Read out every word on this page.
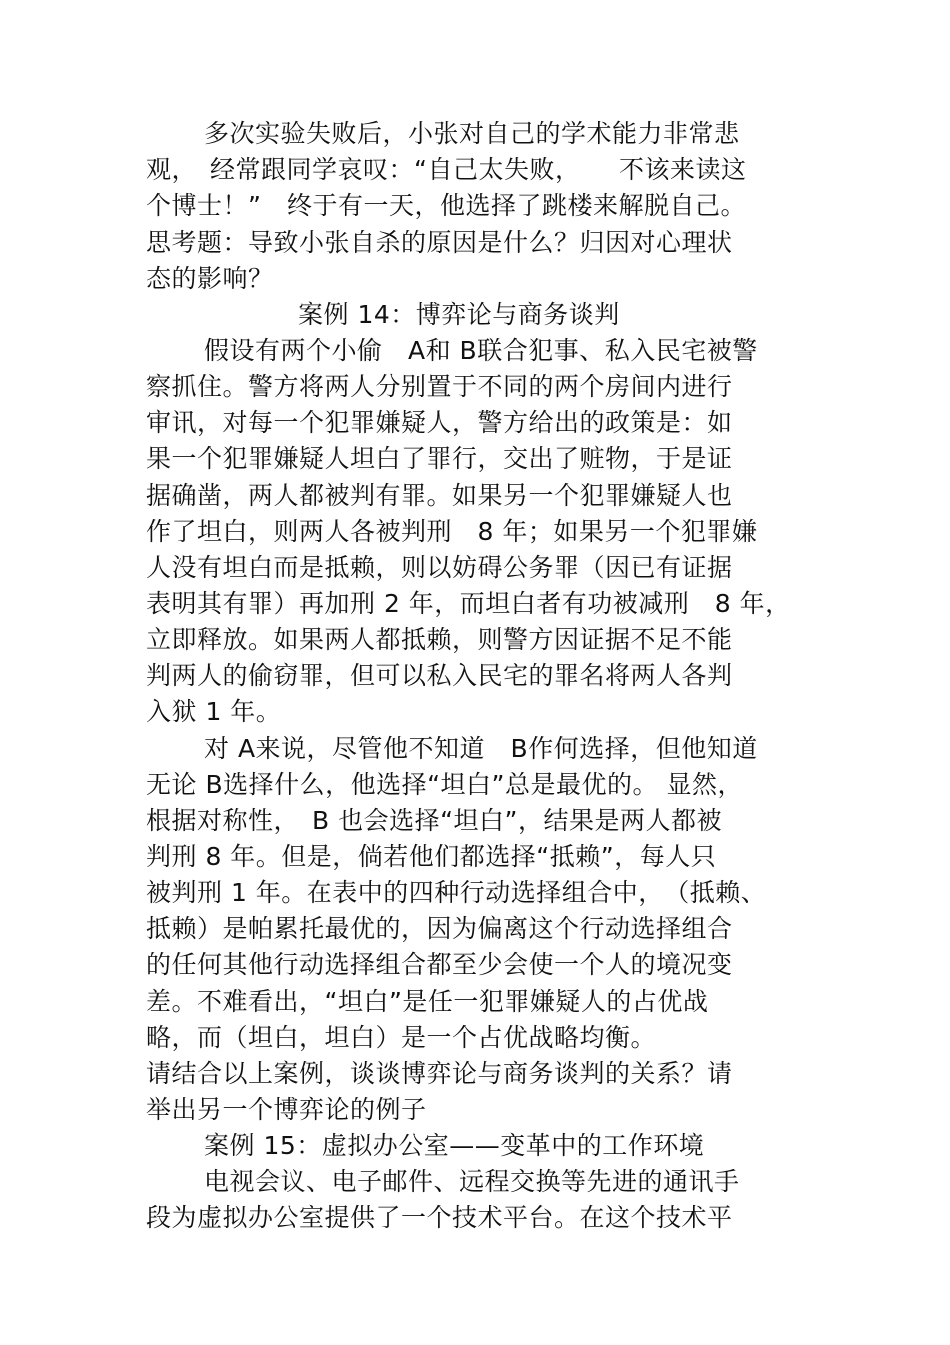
多次实验失败后，小张对自己的学术能力非常悲
观，　经常跟同学哀叹：“自己太失败，　　不该来读这
个博士！”　终于有一天，他选择了跳楼来解脱自己。
思考题：导致小张自杀的原因是什么？归因对心理状
态的影响？
案例 14：博弈论与商务谈判
假设有两个小偷　A和 B联合犯事、私入民宅被警
察抓住。警方将两人分别置于不同的两个房间内进行
审讯，对每一个犯罪嫌疑人，警方给出的政策是：如
果一个犯罪嫌疑人坦白了罪行，交出了赃物，于是证
据确凿，两人都被判有罪。如果另一个犯罪嫌疑人也
作了坦白，则两人各被判刑　8 年；如果另一个犯罪嫌
人没有坦白而是抵赖，则以妨碍公务罪（因已有证据
表明其有罪）再加刑 2 年，而坦白者有功被减刑　8 年，
立即释放。如果两人都抵赖，则警方因证据不足不能
判两人的偷窃罪，但可以私入民宅的罪名将两人各判
入狱 1 年。
对 A来说，尽管他不知道　B作何选择，但他知道
无论 B选择什么，他选择“坦白”总是最优的。 显然，
根据对称性，　B 也会选择“坦白”，结果是两人都被
判刑 8 年。但是，倘若他们都选择“抵赖”，每人只
被判刑 1 年。在表中的四种行动选择组合中，　（抵赖、
抵赖）是帕累托最优的，因为偏离这个行动选择组合
的任何其他行动选择组合都至少会使一个人的境况变
差。不难看出，“坦白”是任一犯罪嫌疑人的占优战
略，而（坦白，坦白）是一个占优战略均衡。
请结合以上案例，谈谈博弈论与商务谈判的关系？请
举出另一个博弈论的例子
案例 15：虚拟办公室——变革中的工作环境
电视会议、电子邮件、远程交换等先进的通讯手
段为虚拟办公室提供了一个技术平台。在这个技术平
